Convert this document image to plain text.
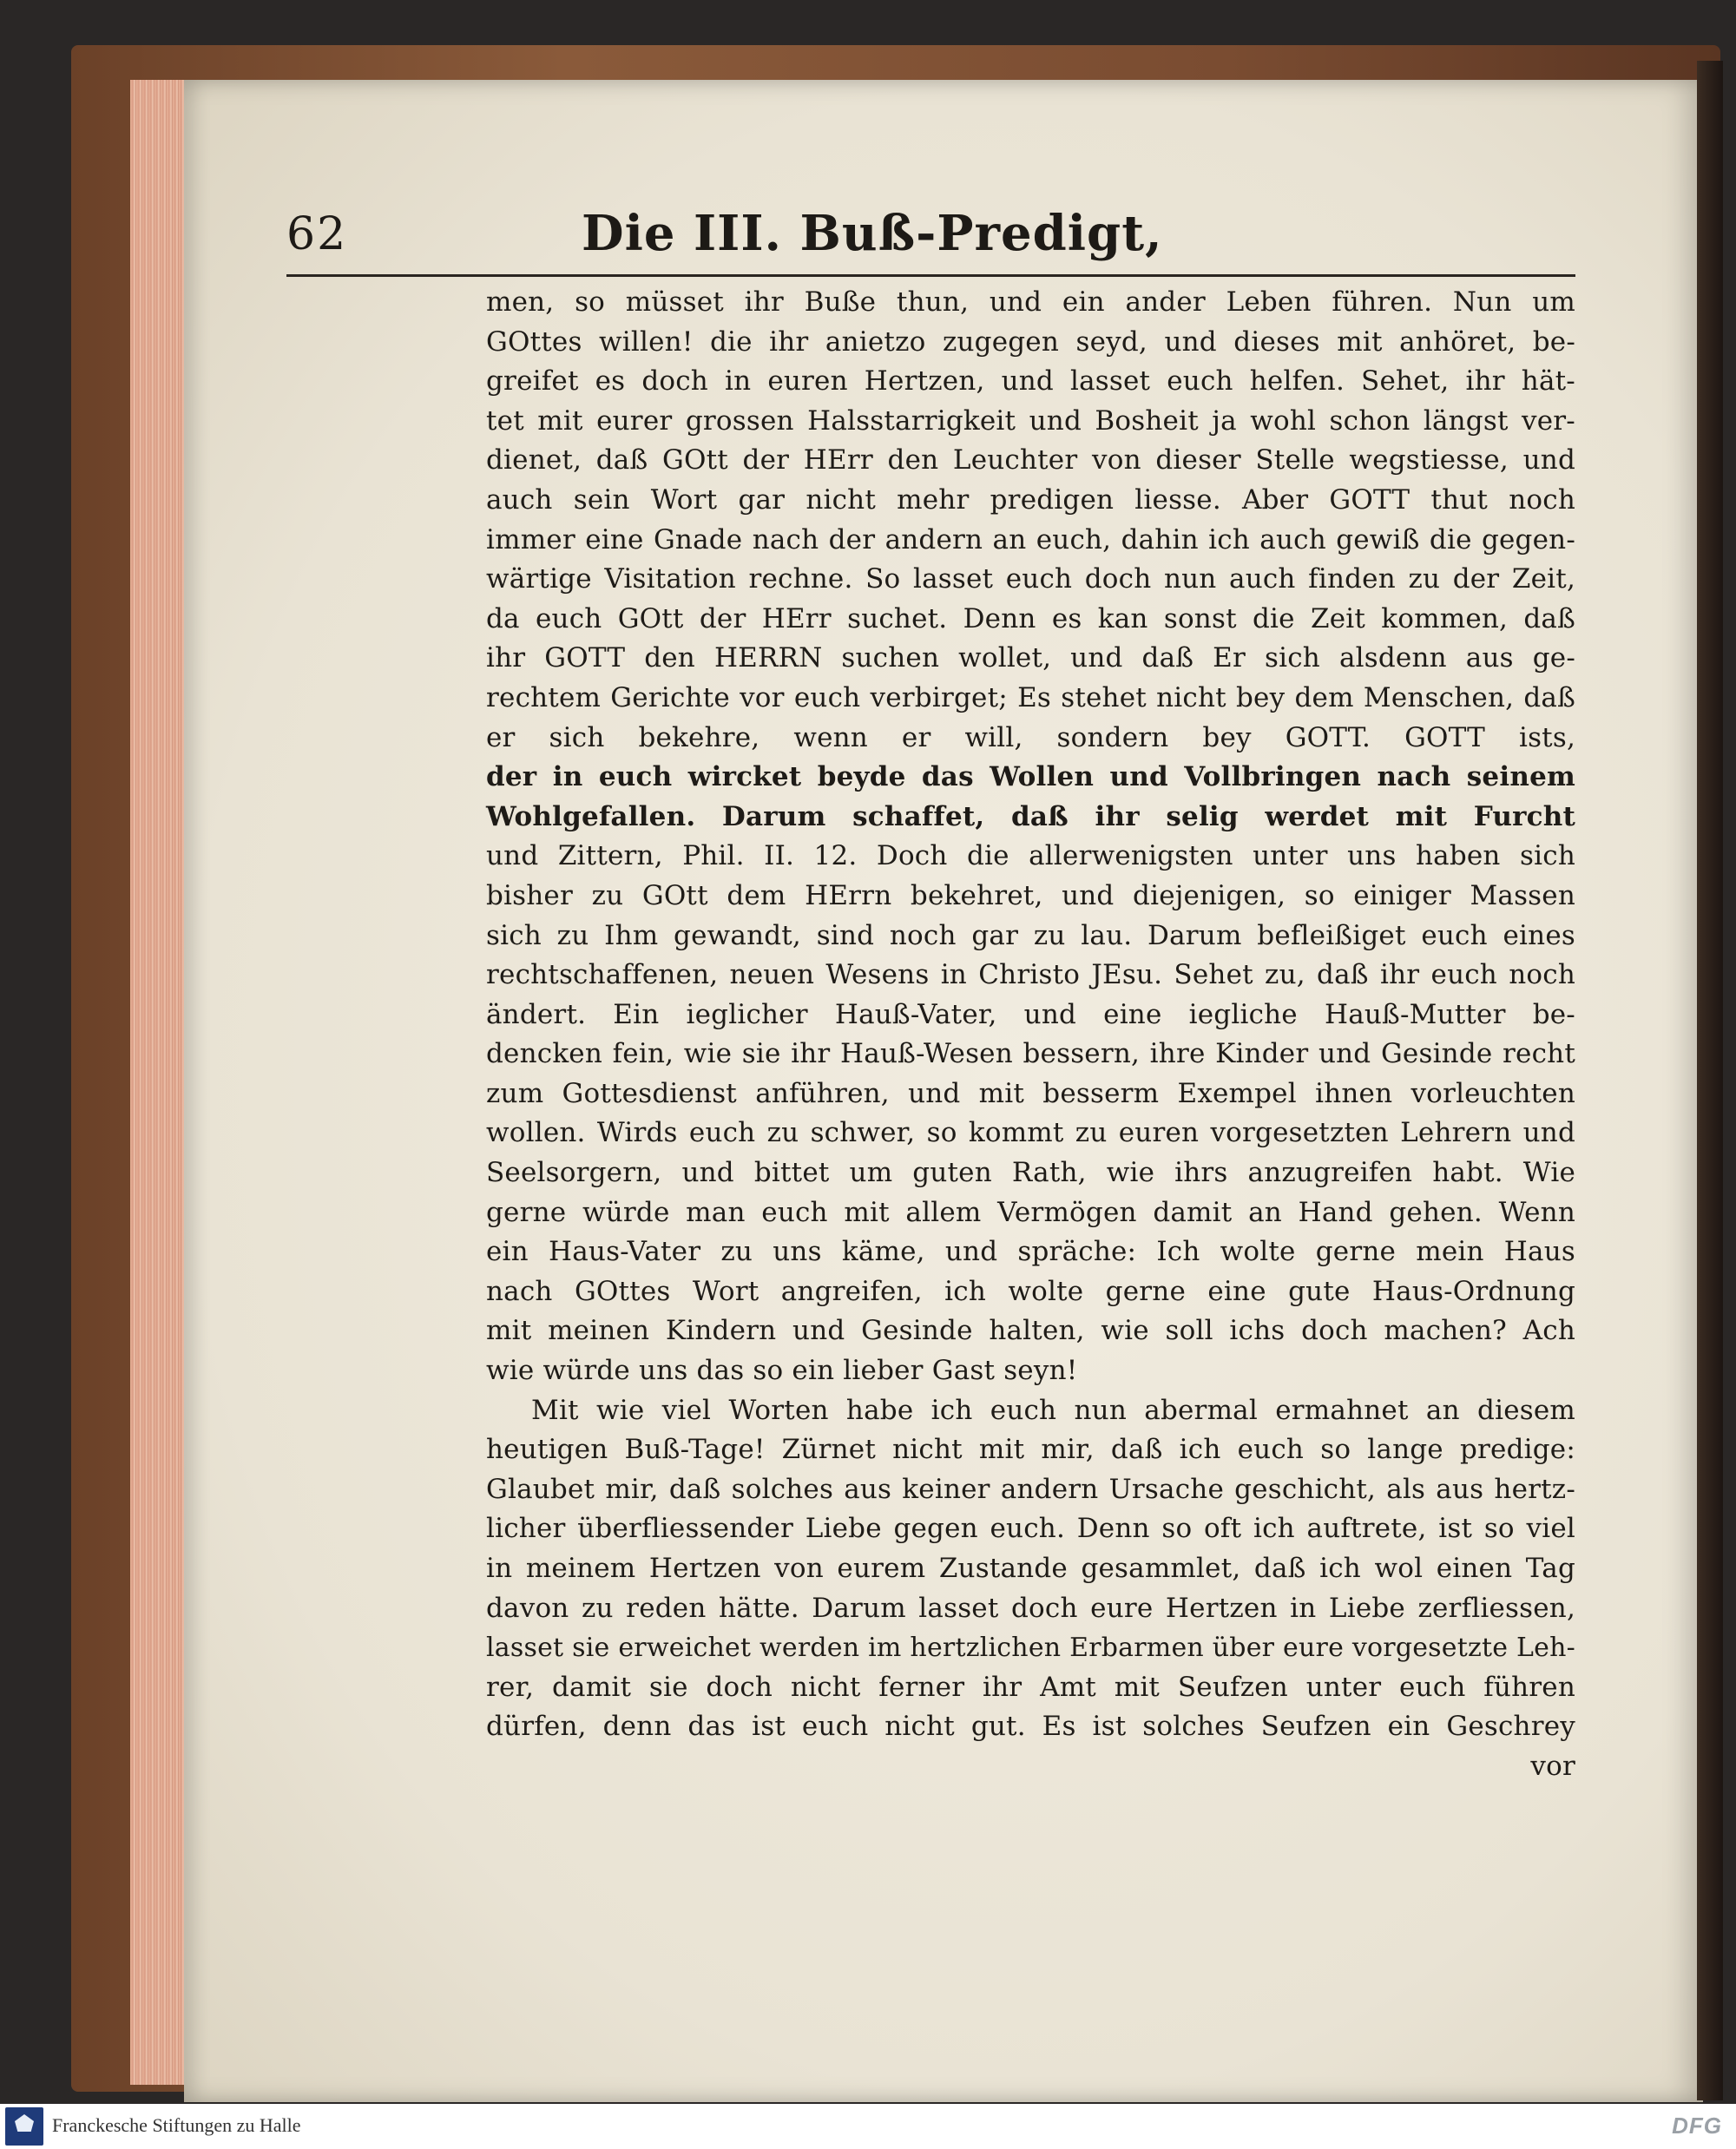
62	Die III. Buß-Predigt,
men, so müsset ihr Buße thun, und ein ander Leben führen. Nun um
GOttes willen! die ihr anietzo zugegen seyd, und dieses mit anhöret, be-
greifet es doch in euren Hertzen, und lasset euch helfen. Sehet, ihr hät-
tet mit eurer grossen Halsstarrigkeit und Bosheit ja wohl schon längst ver-
dienet, daß GOtt der HErr den Leuchter von dieser Stelle wegstiesse, und
auch sein Wort gar nicht mehr predigen liesse. Aber GOTT thut noch
immer eine Gnade nach der andern an euch, dahin ich auch gewiß die gegen-
wärtige Visitation rechne. So lasset euch doch nun auch finden zu der Zeit,
da euch GOtt der HErr suchet. Denn es kan sonst die Zeit kommen, daß
ihr GOTT den HERRN suchen wollet, und daß Er sich alsdenn aus ge-
rechtem Gerichte vor euch verbirget; Es stehet nicht bey dem Menschen, daß
er sich bekehre, wenn er will, sondern bey GOTT. GOTT ists,
der in euch wircket beyde das Wollen und Vollbringen nach seinem
Wohlgefallen. Darum schaffet, daß ihr selig werdet mit Furcht
und Zittern, Phil. II. 12. Doch die allerwenigsten unter uns haben sich
bisher zu GOtt dem HErrn bekehret, und diejenigen, so einiger Massen
sich zu Ihm gewandt, sind noch gar zu lau. Darum befleißiget euch eines
rechtschaffenen, neuen Wesens in Christo JEsu. Sehet zu, daß ihr euch noch
ändert. Ein ieglicher Hauß-Vater, und eine iegliche Hauß-Mutter be-
dencken fein, wie sie ihr Hauß-Wesen bessern, ihre Kinder und Gesinde recht
zum Gottesdienst anführen, und mit besserm Exempel ihnen vorleuchten
wollen. Wirds euch zu schwer, so kommt zu euren vorgesetzten Lehrern und
Seelsorgern, und bittet um guten Rath, wie ihrs anzugreifen habt. Wie
gerne würde man euch mit allem Vermögen damit an Hand gehen. Wenn
ein Haus-Vater zu uns käme, und spräche: Ich wolte gerne mein Haus
nach GOttes Wort angreifen, ich wolte gerne eine gute Haus-Ordnung
mit meinen Kindern und Gesinde halten, wie soll ichs doch machen? Ach
wie würde uns das so ein lieber Gast seyn!
Mit wie viel Worten habe ich euch nun abermal ermahnet an diesem
heutigen Buß-Tage! Zürnet nicht mit mir, daß ich euch so lange predige:
Glaubet mir, daß solches aus keiner andern Ursache geschicht, als aus hertz-
licher überfliessender Liebe gegen euch. Denn so oft ich auftrete, ist so viel
in meinem Hertzen von eurem Zustande gesammlet, daß ich wol einen Tag
davon zu reden hätte. Darum lasset doch eure Hertzen in Liebe zerfliessen,
lasset sie erweichet werden im hertzlichen Erbarmen über eure vorgesetzte Leh-
rer, damit sie doch nicht ferner ihr Amt mit Seufzen unter euch führen
dürfen, denn das ist euch nicht gut. Es ist solches Seufzen ein Geschrey
vor
Franckesche Stiftungen zu Halle	DFG
